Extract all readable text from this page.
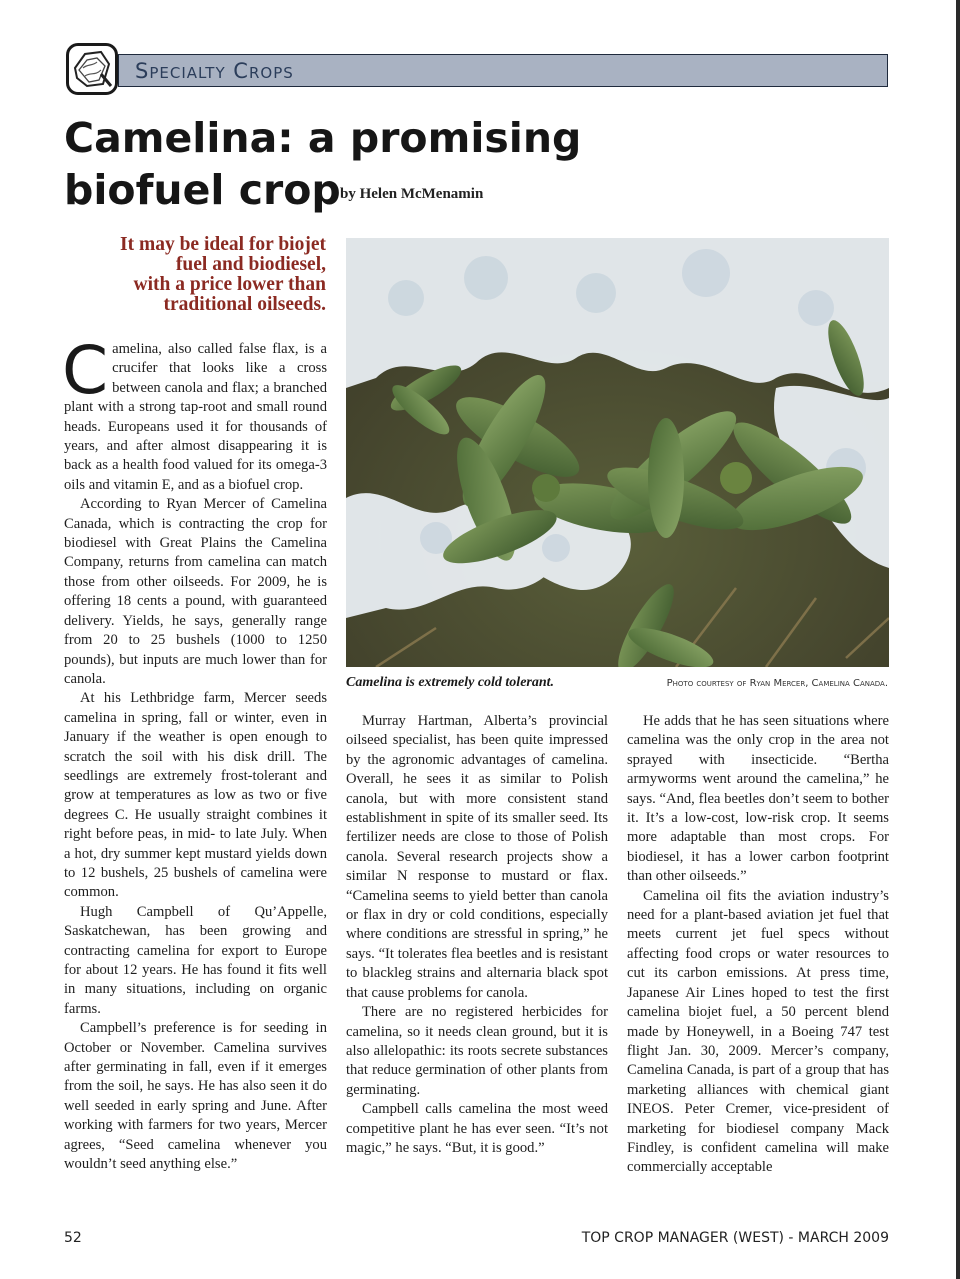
Specialty Crops
Camelina: a promising
biofuel crop by Helen McMenamin
It may be ideal for biojet
fuel and biodiesel,
with a price lower than
traditional oilseeds.
Camelina is extremely cold tolerant.	Photo courtesy of Ryan Mercer, Camelina Canada.

Camelina, also called false flax, is a crucifer that looks like a cross between canola and flax; a branched plant with a strong tap-root and small round heads. Europeans used it for thousands of years, and after almost disappearing it is back as a health food valued for its omega-3 oils and vitamin E, and as a biofuel crop.

According to Ryan Mercer of Camelina Canada, which is contracting the crop for biodiesel with Great Plains the Camelina Company, returns from camelina can match those from other oilseeds. For 2009, he is offering 18 cents a pound, with guaranteed delivery. Yields, he says, generally range from 20 to 25 bushels (1000 to 1250 pounds), but inputs are much lower than for canola.

At his Lethbridge farm, Mercer seeds camelina in spring, fall or winter, even in January if the weather is open enough to scratch the soil with his disk drill. The seedlings are extremely frost-tolerant and grow at temperatures as low as two or five degrees C. He usually straight combines it right before peas, in mid- to late July. When a hot, dry summer kept mustard yields down to 12 bushels, 25 bushels of camelina were common.

Hugh Campbell of Qu’Appelle, Saskatchewan, has been growing and contracting camelina for export to Europe for about 12 years. He has found it fits well in many situations, including on organic farms.

Campbell’s preference is for seeding in October or November. Camelina survives after germinating in fall, even if it emerges from the soil, he says. He has also seen it do well seeded in early spring and June. After working with farmers for two years, Mercer agrees, “Seed camelina whenever you wouldn’t seed anything else.”

Murray Hartman, Alberta’s provincial oilseed specialist, has been quite impressed by the agronomic advantages of camelina. Overall, he sees it as similar to Polish canola, but with more consistent stand establishment in spite of its smaller seed. Its fertilizer needs are close to those of Polish canola. Several research projects show a similar N response to mustard or flax. “Camelina seems to yield better than canola or flax in dry or cold conditions, especially where conditions are stressful in spring,” he says. “It tolerates flea beetles and is resistant to blackleg strains and alternaria black spot that cause problems for canola.

There are no registered herbicides for camelina, so it needs clean ground, but it is also allelopathic: its roots secrete substances that reduce germination of other plants from germinating.

Campbell calls camelina the most weed competitive plant he has ever seen. “It’s not magic,” he says. “But, it is good.”

He adds that he has seen situations where camelina was the only crop in the area not sprayed with insecticide. “Bertha armyworms went around the camelina,” he says. “And, flea beetles don’t seem to bother it. It’s a low-cost, low-risk crop. It seems more adaptable than most crops. For biodiesel, it has a lower carbon footprint than other oilseeds.”

Camelina oil fits the aviation industry’s need for a plant-based aviation jet fuel that meets current jet fuel specs without affecting food crops or water resources to cut its carbon emissions. At press time, Japanese Air Lines hoped to test the first camelina biojet fuel, a 50 percent blend made by Honeywell, in a Boeing 747 test flight Jan. 30, 2009. Mercer’s company, Camelina Canada, is part of a group that has marketing alliances with chemical giant INEOS. Peter Cremer, vice-president of marketing for biodiesel company Mack Findley, is confident camelina will make commercially acceptable

52	TOP CROP MANAGER (WEST) - MARCH 2009
